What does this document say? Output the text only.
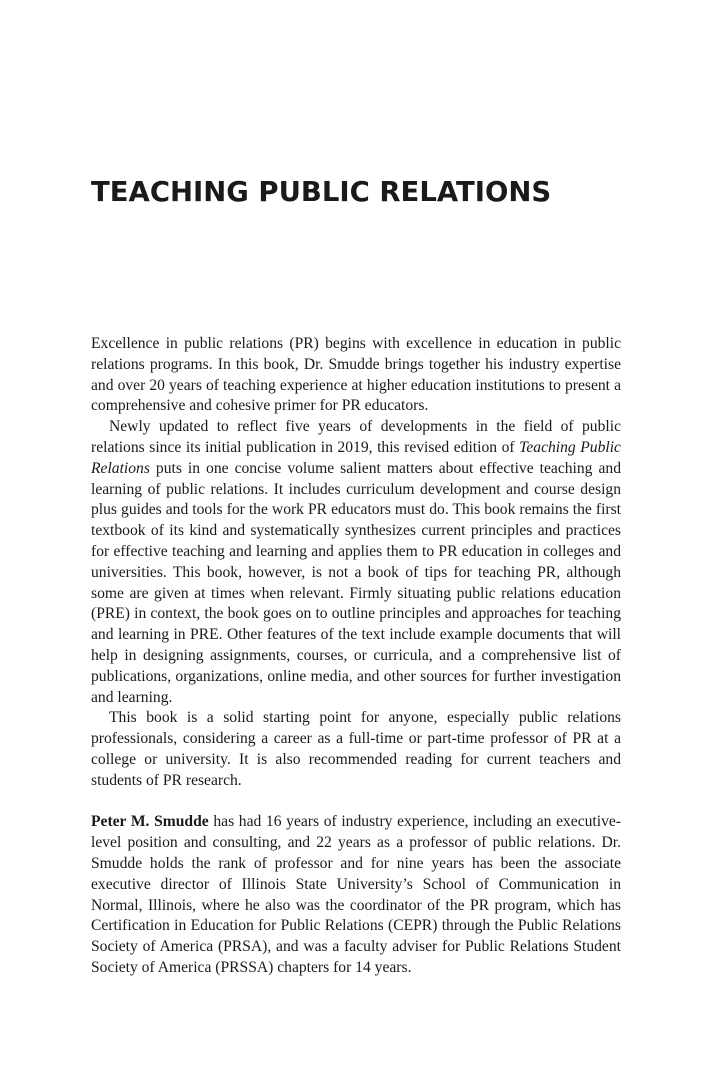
TEACHING PUBLIC RELATIONS

Excellence in public relations (PR) begins with excellence in education in public relations programs. In this book, Dr. Smudde brings together his industry expertise and over 20 years of teaching experience at higher education institutions to present a comprehensive and cohesive primer for PR educators.

Newly updated to reflect five years of developments in the field of public relations since its initial publication in 2019, this revised edition of Teaching Public Relations puts in one concise volume salient matters about effective teaching and learning of public relations. It includes curriculum development and course design plus guides and tools for the work PR educators must do. This book remains the first textbook of its kind and systematically synthesizes current principles and practices for effective teaching and learning and applies them to PR education in colleges and universities. This book, however, is not a book of tips for teaching PR, although some are given at times when relevant. Firmly situating public relations education (PRE) in context, the book goes on to outline principles and approaches for teaching and learning in PRE. Other features of the text include example documents that will help in designing assignments, courses, or curricula, and a comprehensive list of publications, organizations, online media, and other sources for further investigation and learning.

This book is a solid starting point for anyone, especially public relations professionals, considering a career as a full-time or part-time professor of PR at a college or university. It is also recommended reading for current teachers and students of PR research.

Peter M. Smudde has had 16 years of industry experience, including an executive-level position and consulting, and 22 years as a professor of public relations. Dr. Smudde holds the rank of professor and for nine years has been the associate executive director of Illinois State University’s School of Communication in Normal, Illinois, where he also was the coordinator of the PR program, which has Certification in Education for Public Relations (CEPR) through the Public Relations Society of America (PRSA), and was a faculty adviser for Public Relations Student Society of America (PRSSA) chapters for 14 years.
